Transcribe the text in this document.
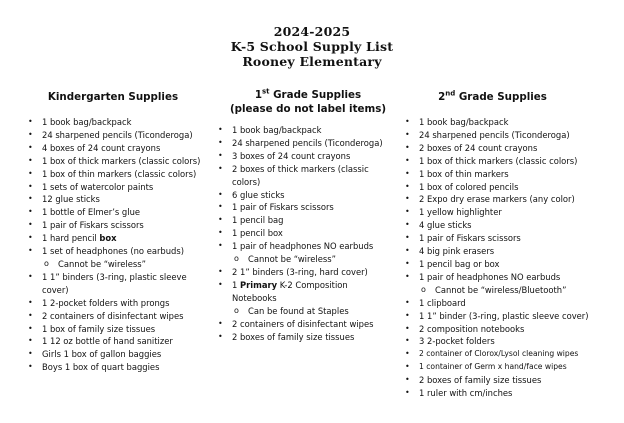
2024-2025
K-5 School Supply List
Rooney Elementary
Kindergarten Supplies
•	1 book bag/backpack
•	24 sharpened pencils (Ticonderoga)
•	4 boxes of 24 count crayons
•	1 box of thick markers (classic colors)
•	1 box of thin markers (classic colors)
•	1 sets of watercolor paints
•	12 glue sticks
•	1 bottle of Elmer’s glue
•	1 pair of Fiskars scissors
•	1 hard pencil box
•	1 set of headphones (no earbuds)
o	Cannot be “wireless”
•	1 1” binders (3-ring, plastic sleeve cover)
•	1 2-pocket folders with prongs
•	2 containers of disinfectant wipes
•	1 box of family size tissues
•	1 12 oz bottle of hand sanitizer
•	Girls 1 box of gallon baggies
•	Boys 1 box of quart baggies
1st Grade Supplies
(please do not label items)
•	1 book bag/backpack
•	24 sharpened pencils (Ticonderoga)
•	3 boxes of 24 count crayons
•	2 boxes of thick markers (classic colors)
•	6 glue sticks
•	1 pair of Fiskars scissors
•	1 pencil bag
•	1 pencil box
•	1 pair of headphones NO earbuds
o	Cannot be “wireless”
•	2 1” binders (3-ring, hard cover)
•	1 Primary K-2 Composition Notebooks
o	Can be found at Staples
•	2 containers of disinfectant wipes
•	2 boxes of family size tissues
2nd Grade Supplies
•	1 book bag/backpack
•	24 sharpened pencils (Ticonderoga)
•	2 boxes of 24 count crayons
•	1 box of thick markers (classic colors)
•	1 box of thin markers
•	1 box of colored pencils
•	2 Expo dry erase markers (any color)
•	1 yellow highlighter
•	4 glue sticks
•	1 pair of Fiskars scissors
•	4 big pink erasers
•	1 pencil bag or box
•	1 pair of headphones NO earbuds
o	Cannot be “wireless/Bluetooth”
•	1 clipboard
•	1 1” binder (3-ring, plastic sleeve cover)
•	2 composition notebooks
•	3 2-pocket folders
•	2 container of Clorox/Lysol cleaning wipes
•	1 container of Germ x hand/face wipes
•	2 boxes of family size tissues
•	1 ruler with cm/inches
